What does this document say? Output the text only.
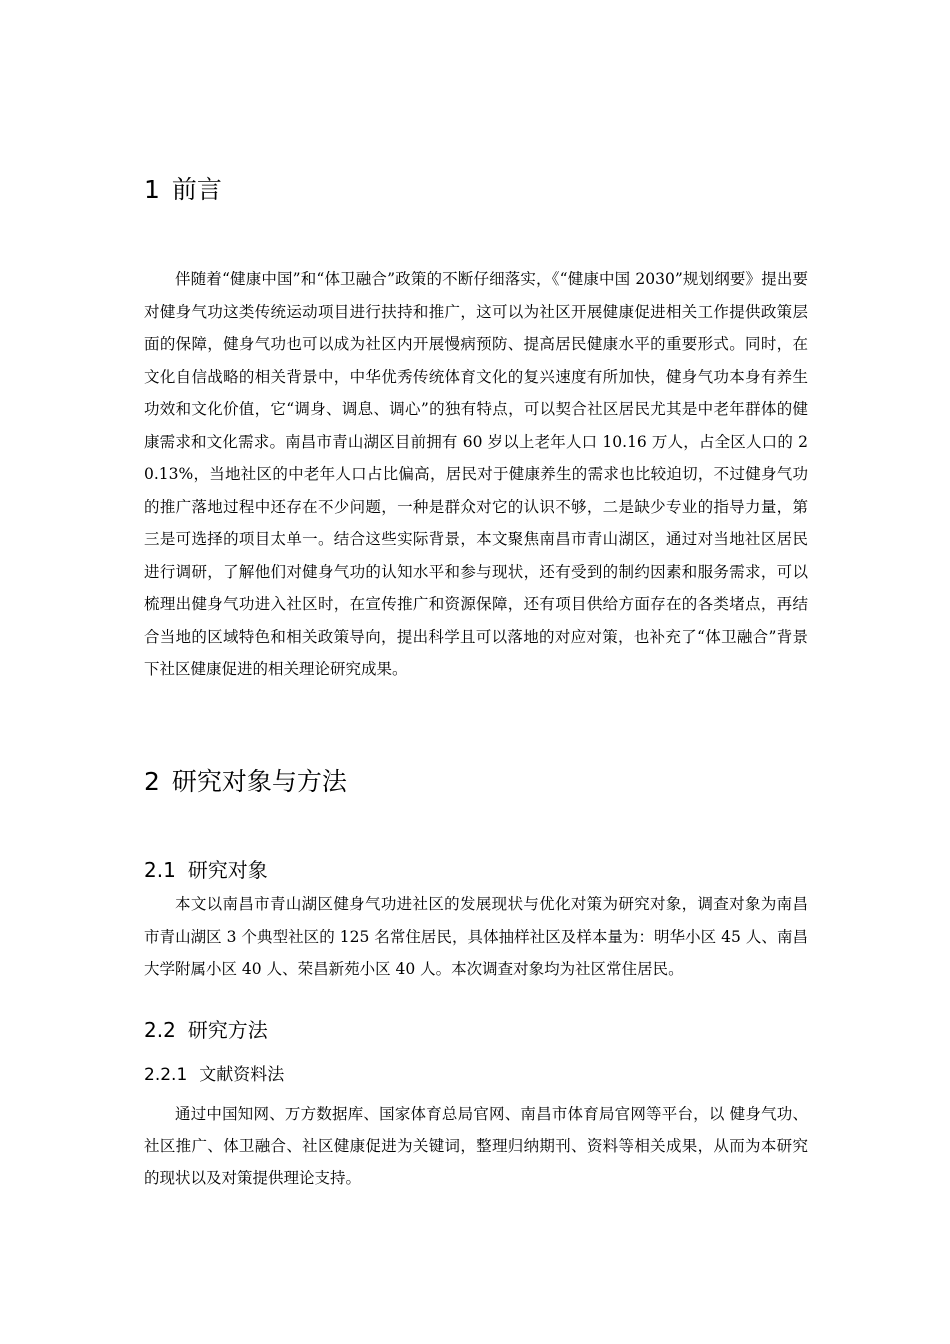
1 前言

伴随着“健康中国”和“体卫融合”政策的不断仔细落实，《“健康中国 2030”规划纲要》提出要对健身气功这类传统运动项目进行扶持和推广，这可以为社区开展健康促进相关工作提供政策层面的保障，健身气功也可以成为社区内开展慢病预防、提高居民健康水平的重要形式。同时，在文化自信战略的相关背景中，中华优秀传统体育文化的复兴速度有所加快，健身气功本身有养生功效和文化价值，它“调身、调息、调心”的独有特点，可以契合社区居民尤其是中老年群体的健康需求和文化需求。南昌市青山湖区目前拥有 60 岁以上老年人口 10.16 万人，占全区人口的 20.13%，当地社区的中老年人口占比偏高，居民对于健康养生的需求也比较迫切，不过健身气功的推广落地过程中还存在不少问题，一种是群众对它的认识不够，二是缺少专业的指导力量，第三是可选择的项目太单一。结合这些实际背景，本文聚焦南昌市青山湖区，通过对当地社区居民进行调研，了解他们对健身气功的认知水平和参与现状，还有受到的制约因素和服务需求，可以梳理出健身气功进入社区时，在宣传推广和资源保障，还有项目供给方面存在的各类堵点，再结合当地的区域特色和相关政策导向，提出科学且可以落地的对应对策，也补充了“体卫融合”背景下社区健康促进的相关理论研究成果。

2 研究对象与方法
2.1 研究对象

本文以南昌市青山湖区健身气功进社区的发展现状与优化对策为研究对象，调查对象为南昌市青山湖区 3 个典型社区的 125 名常住居民，具体抽样社区及样本量为：明华小区 45 人、南昌大学附属小区 40 人、荣昌新苑小区 40 人。本次调查对象均为社区常住居民。

2.2 研究方法
2.2.1 文献资料法

通过中国知网、万方数据库、国家体育总局官网、南昌市体育局官网等平台，以 健身气功、社区推广、体卫融合、社区健康促进为关键词，整理归纳期刊、资料等相关成果，从而为本研究的现状以及对策提供理论支持。
